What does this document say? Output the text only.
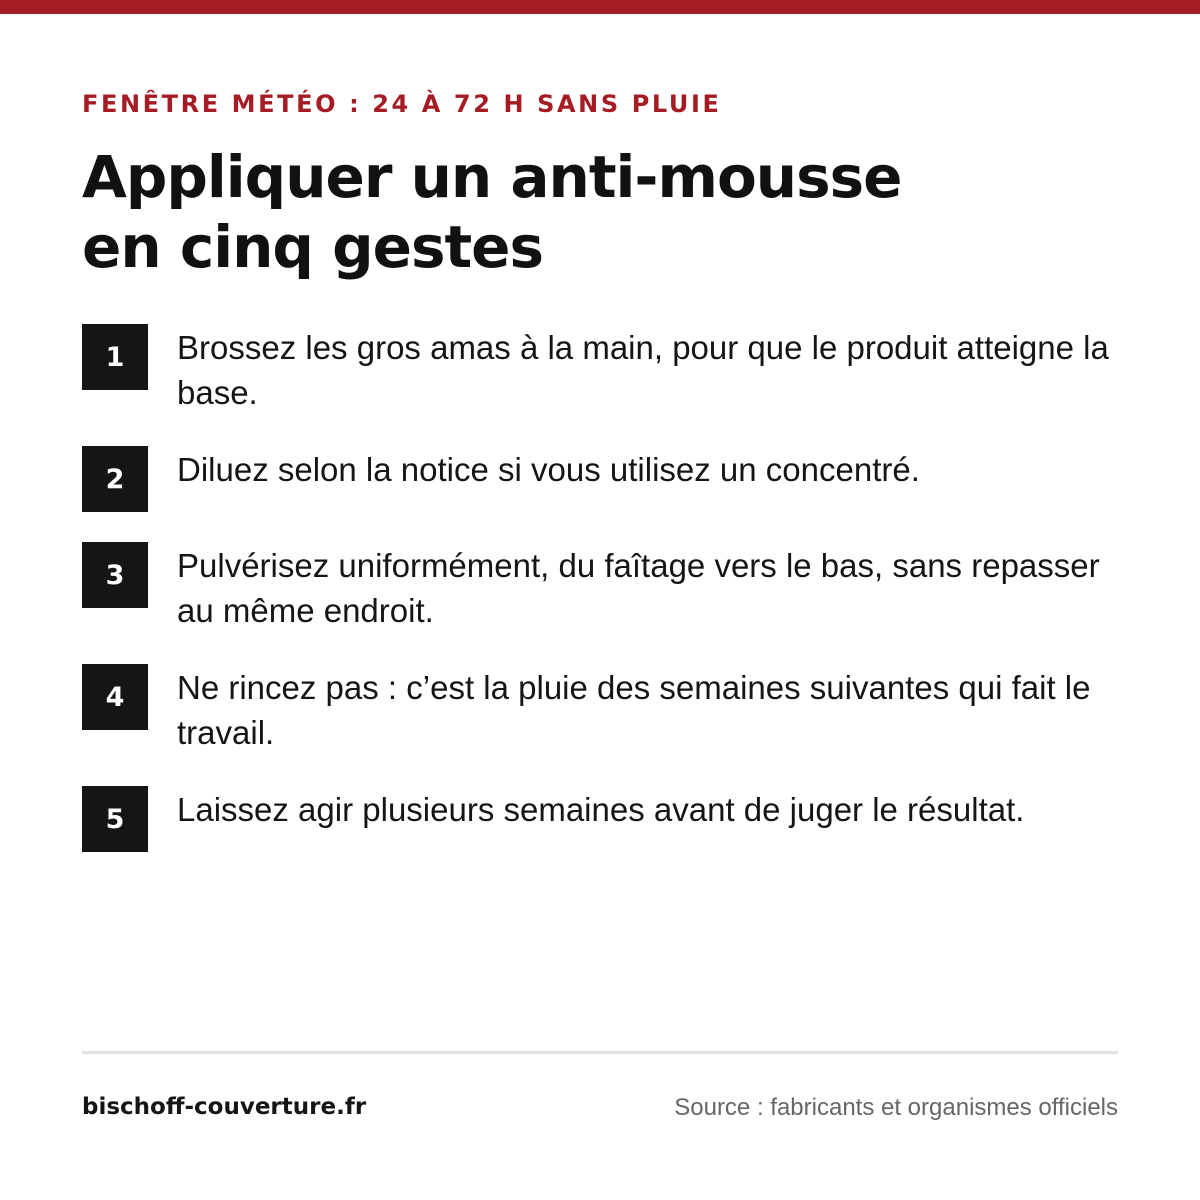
FENÊTRE MÉTÉO : 24 À 72 H SANS PLUIE
Appliquer un anti-mousse
en cinq gestes
1	Brossez les gros amas à la main, pour que le produit atteigne la base.
2	Diluez selon la notice si vous utilisez un concentré.
3	Pulvérisez uniformément, du faîtage vers le bas, sans repasser au même endroit.
4	Ne rincez pas : c’est la pluie des semaines suivantes qui fait le travail.
5	Laissez agir plusieurs semaines avant de juger le résultat.
bischoff-couverture.fr	Source : fabricants et organismes officiels
